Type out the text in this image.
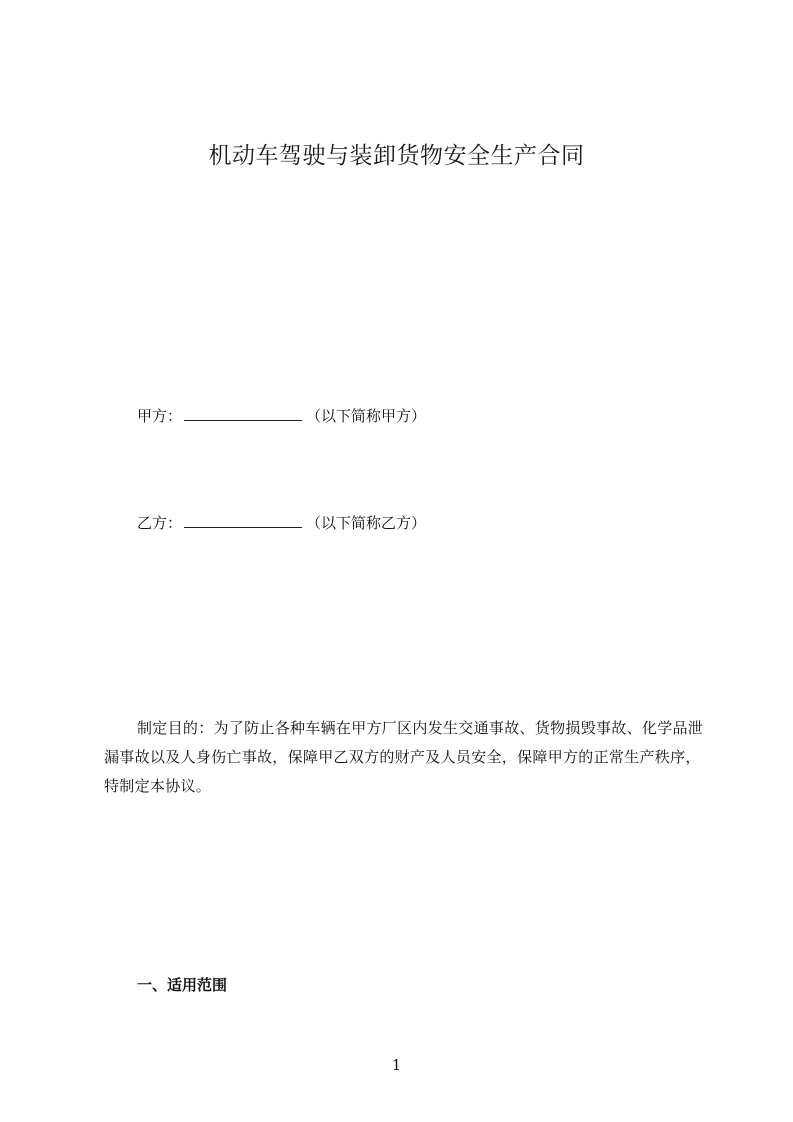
机动车驾驶与装卸货物安全生产合同
甲方：	（以下简称甲方）
乙方：	（以下简称乙方）
制定目的：为了防止各种车辆在甲方厂区内发生交通事故、货物损毁事故、化学品泄漏事故以及人身伤亡事故，保障甲乙双方的财产及人员安全，保障甲方的正常生产秩序，特制定本协议。
一、适用范围
1
